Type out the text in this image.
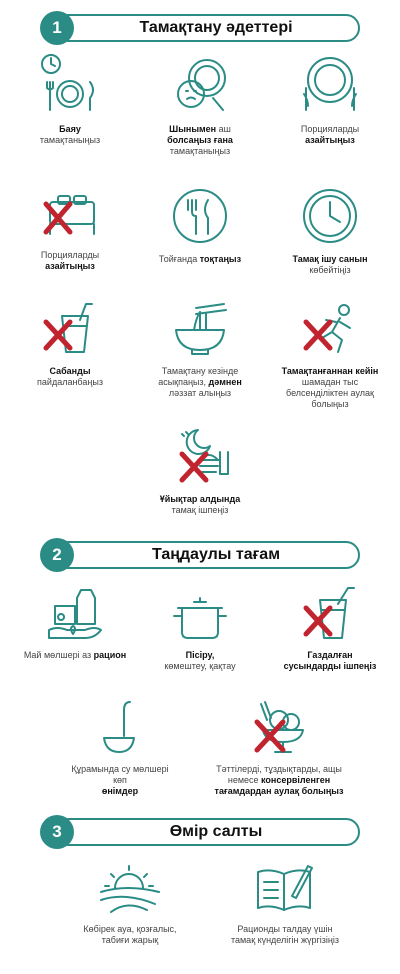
1	Тамақтану әдеттері
Баяу
тамақтаныңыз
Шынымен аш
болсаңыз ғана
тамақтаныңыз
Порцияларды
азайтыңыз
Порцияларды
азайтыңыз
Тойғанда тоқтаңыз	Тамақ ішу санын
көбейтіңіз
Сабанды
пайдаланбаңыз
Тамақтану кезінде асықпаңыз, дәмнен ләззат алыңыз
Тамақтанғаннан кейін шамадан тыс белсенділіктен аулақ болыңыз
Ұйықтар алдында тамақ ішпеңіз
2	Таңдаулы тағам
Май мөлшері аз рацион	Пісіру,
көмештеу, қақтау
Газдалған сусындарды ішпеңіз
Құрамында су мөлшері көп
өнімдер
Тәттілерді, тұздықтарды, ащы немесе консервіленген тағамдардан аулақ болыңыз
3	Өмір салты
Көбірек ауа, қозғалыс, табиғи жарық
Рационды талдау үшін тамақ күнделігін жүргізіңіз
